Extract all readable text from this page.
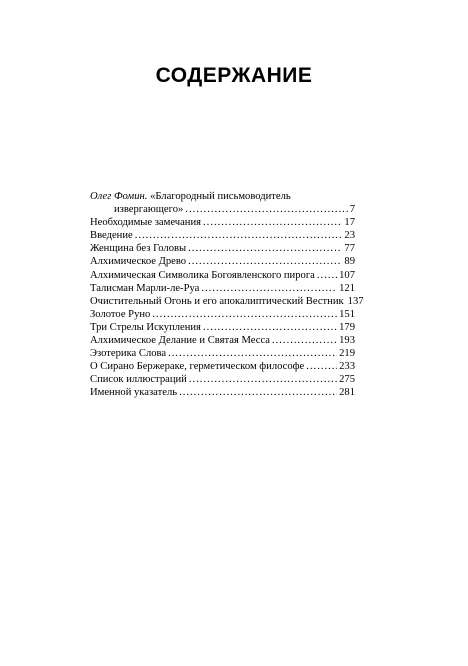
СОДЕРЖАНИЕ
Олег Фомин. «Благородный письмоводитель
извергающего» .....	7
Необходимые замечания .....	17
Введение .....	23
Женщина без Головы .....	77
Алхимическое Древо .....	89
Алхимическая Символика Богоявленского пирога ..... 107
Талисман Марли-ле-Руа .....	121
Очистительный Огонь и его апокалиптический Вестник 137
Золотое Руно .....	151
Три Стрелы Искупления .....	179
Алхимическое Делание и Святая Месса .....	193
Эзотерика Слова .....	219
О Сирано Бержераке, герметическом философе .....	233
Список иллюстраций .....	275
Именной указатель .....	281
